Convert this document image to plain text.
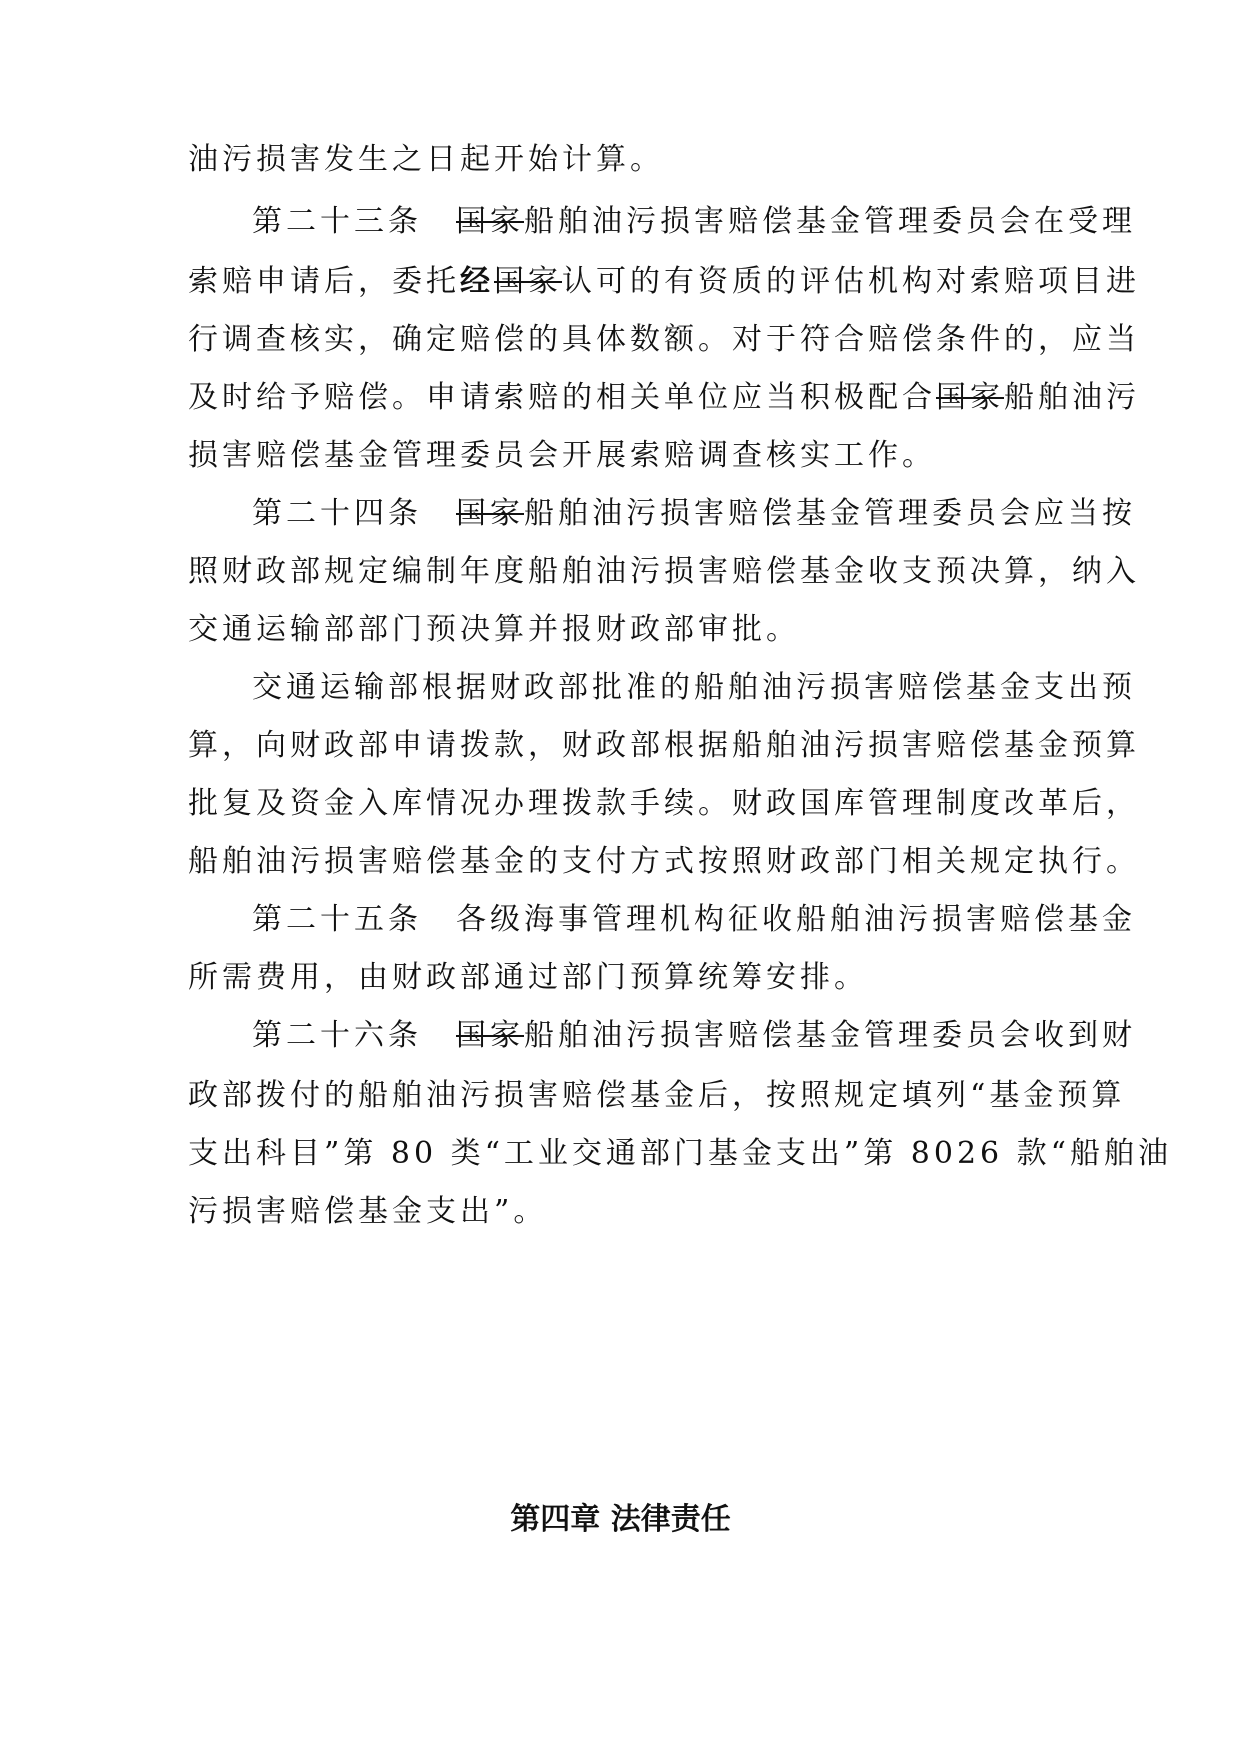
油污损害发生之日起开始计算。
第二十三条　国家船舶油污损害赔偿基金管理委员会在受理
索赔申请后，委托经国家认可的有资质的评估机构对索赔项目进
行调查核实，确定赔偿的具体数额。对于符合赔偿条件的，应当
及时给予赔偿。申请索赔的相关单位应当积极配合国家船舶油污
损害赔偿基金管理委员会开展索赔调查核实工作。
第二十四条　国家船舶油污损害赔偿基金管理委员会应当按
照财政部规定编制年度船舶油污损害赔偿基金收支预决算，纳入
交通运输部部门预决算并报财政部审批。
交通运输部根据财政部批准的船舶油污损害赔偿基金支出预
算，向财政部申请拨款，财政部根据船舶油污损害赔偿基金预算
批复及资金入库情况办理拨款手续。财政国库管理制度改革后，
船舶油污损害赔偿基金的支付方式按照财政部门相关规定执行。
第二十五条　各级海事管理机构征收船舶油污损害赔偿基金
所需费用，由财政部通过部门预算统筹安排。
第二十六条　国家船舶油污损害赔偿基金管理委员会收到财
政部拨付的船舶油污损害赔偿基金后，按照规定填列“基金预算
支出科目”第 80 类“工业交通部门基金支出”第 8026 款“船舶油
污损害赔偿基金支出”。
第四章 法律责任
